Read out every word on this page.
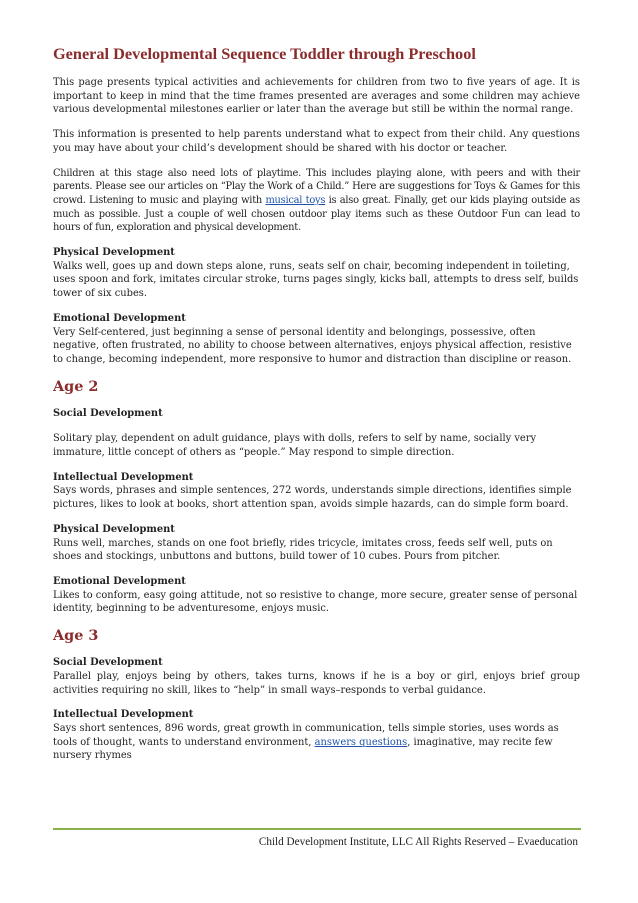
General Developmental Sequence Toddler through Preschool

This page presents typical activities and achievements for children from two to five years of age. It is important to keep in mind that the time frames presented are averages and some children may achieve various developmental milestones earlier or later than the average but still be within the normal range.

This information is presented to help parents understand what to expect from their child. Any questions you may have about your child’s development should be shared with his doctor or teacher.

Children at this stage also need lots of playtime. This includes playing alone, with peers and with their parents. Please see our articles on “Play the Work of a Child.” Here are suggestions for Toys & Games for this crowd. Listening to music and playing with musical toys is also great. Finally, get our kids playing outside as much as possible. Just a couple of well chosen outdoor play items such as these Outdoor Fun can lead to hours of fun, exploration and physical development.

Physical Development
Walks well, goes up and down steps alone, runs, seats self on chair, becoming independent in toileting, uses spoon and fork, imitates circular stroke, turns pages singly, kicks ball, attempts to dress self, builds tower of six cubes.
Emotional Development
Very Self-centered, just beginning a sense of personal identity and belongings, possessive, often negative, often frustrated, no ability to choose between alternatives, enjoys physical affection, resistive to change, becoming independent, more responsive to humor and distraction than discipline or reason.
Age 2
Social Development
Solitary play, dependent on adult guidance, plays with dolls, refers to self by name, socially very immature, little concept of others as “people.” May respond to simple direction.
Intellectual Development
Says words, phrases and simple sentences, 272 words, understands simple directions, identifies simple pictures, likes to look at books, short attention span, avoids simple hazards, can do simple form board.
Physical Development
Runs well, marches, stands on one foot briefly, rides tricycle, imitates cross, feeds self well, puts on shoes and stockings, unbuttons and buttons, build tower of 10 cubes. Pours from pitcher.
Emotional Development
Likes to conform, easy going attitude, not so resistive to change, more secure, greater sense of personal identity, beginning to be adventuresome, enjoys music.
Age 3
Social Development
Parallel play, enjoys being by others, takes turns, knows if he is a boy or girl, enjoys brief group activities requiring no skill, likes to “help” in small ways–responds to verbal guidance.
Intellectual Development
Says short sentences, 896 words, great growth in communication, tells simple stories, uses words as tools of thought, wants to understand environment, answers questions, imaginative, may recite few nursery rhymes
Child Development Institute, LLC All Rights Reserved – Evaeducation
